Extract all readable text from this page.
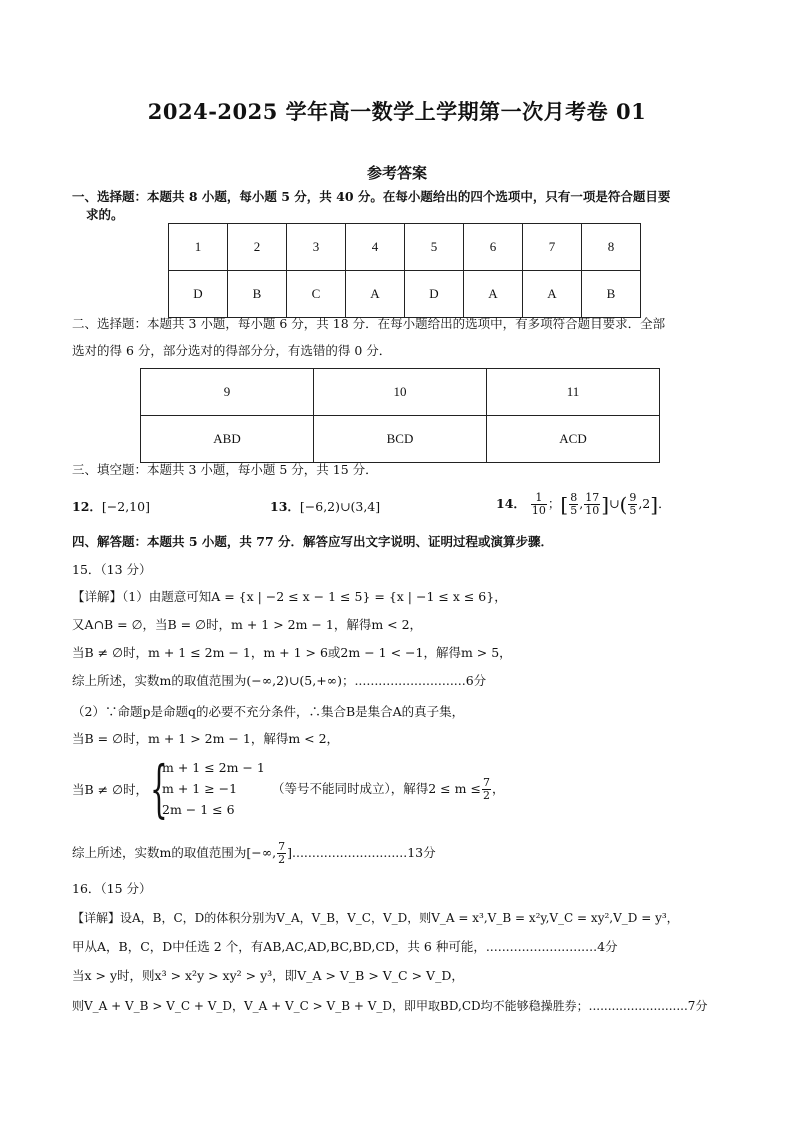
2024-2025 学年高一数学上学期第一次月考卷 01
参考答案
一、选择题：本题共 8 小题，每小题 5 分，共 40 分。在每小题给出的四个选项中，只有一项是符合题目要
求的。
1	2	3	4	5	6	7	8
D	B	C	A	D	A	A	B
二、选择题：本题共 3 小题，每小题 6 分，共 18 分．在每小题给出的选项中，有多项符合题目要求．全部
选对的得 6 分，部分选对的得部分分，有选错的得 0 分．
9	10	11
ABD	BCD	ACD
三、填空题：本题共 3 小题，每小题 5 分，共 15 分．
12．[−2,10]	13．[−6,2)∪(3,4]	14． $\frac{1}{10}$ ；[ $\frac{8}{5}$ , $\frac{17}{10}$ ]∪( $\frac{9}{5} ,2$]．
四、解答题：本题共 5 小题，共 77 分．解答应写出文字说明、证明过程或演算步骤．
15．（13 分）
【详解】（1）由题意可知A = {x | −2 ≤ x − 1 ≤ 5} = {x | −1 ≤ x ≤ 6}，
又A∩B = ∅，当B = ∅时，m + 1 > 2m − 1，解得m < 2，
当B ≠ ∅时，m + 1 ≤ 2m − 1，m + 1 > 6或2m − 1 < −1，解得m > 5，
综上所述，实数m的取值范围为(−∞,2)∪(5,+∞)；............................6分
（2）∵命题p是命题q的必要不充分条件，∴集合B是集合A的真子集，
当B = ∅时，m + 1 > 2m − 1，解得m < 2，
当B ≠ ∅时， {
m + 1 ≤ 2m − 1
m + 1 ≥ −1
2m − 1 ≤ 6
（等号不能同时成立），解得$2 \le m \le \frac{7}{2}$ ，
综上所述，实数m的取值范围为[−∞, $\frac{7}{2} ].............................13$分
16．（15 分）
【详解】设A，B，C，D的体积分别为V_A，V_B，V_C，V_D，则V_A = x³,V_B = x²y,V_C = xy²,V_D = y³，
甲从A，B，C，D中任选 2 个，有AB,AC,AD,BC,BD,CD，共 6 种可能，............................4分
当x > y时，则x³ > x²y > xy² > y³，即V_A > V_B > V_C > V_D，
则V_A + V_B > V_C + V_D，V_A + V_C > V_B + V_D，即甲取BD,CD均不能够稳操胜券；..........................7分
